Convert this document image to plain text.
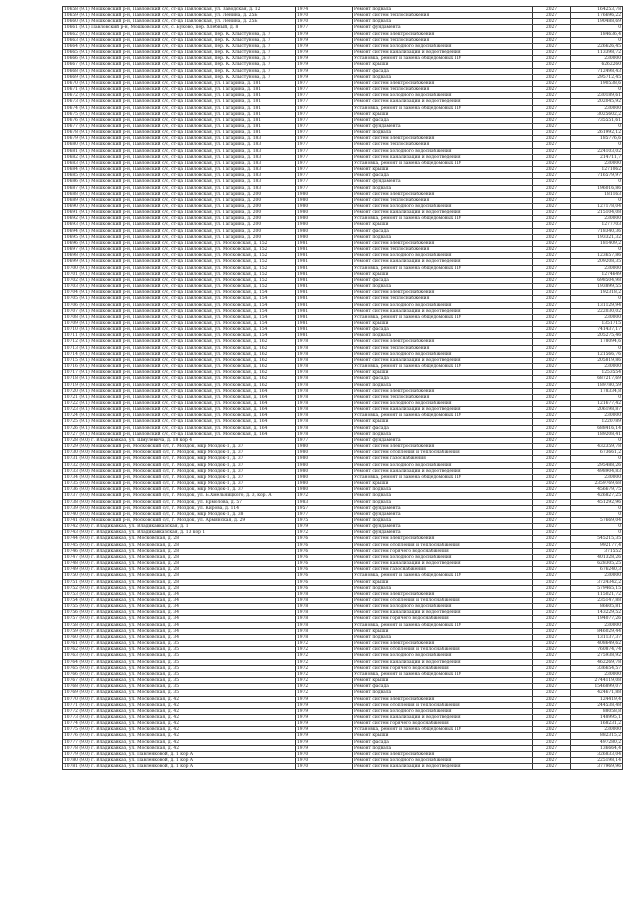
10658 (9.1) Мошковский р-н, Павловский с/с, ст-ца Павловская, ул. Заводская, д. 12	1974	Ремонт подвала	2027	164253,78
10659 (9.1) Мошковский р-н, Павловский с/с, ст-ца Павловская, ул. Ленина, д. 25Б	1970	Ремонт систем теплоснабжения	2027	176696,22
10660 (9.1) Мошковский р-н, Павловский с/с, ст-ца Павловская, ул. Ленина, д. 25Б	1970	Ремонт подвала	2027	190488,69
10661 (9.1) Павловский р-н, Мошковский с/с, с. Буково, пер. Хлебный, д. 8	1977	Ремонт фундамента	2027	0
10662 (9.1) Мошковский р-н, Павловский с/с, ст-ца Павловская, пер. К. Хлыстунова, д. 7	1979	Ремонт систем электроснабжения	2027	184636,4
10663 (9.1) Мошковский р-н, Павловский с/с, ст-ца Павловская, пер. К. Хлыстунова, д. 7	1979	Ремонт систем теплоснабжения	2027	0
10664 (9.1) Мошковский р-н, Павловский с/с, ст-ца Павловская, пер. К. Хлыстунова, д. 7	1979	Ремонт систем холодного водоснабжения	2027	226626,45
10665 (9.1) Мошковский р-н, Павловский с/с, ст-ца Павловская, пер. К. Хлыстунова, д. 7	1979	Ремонт систем канализации и водоотведения	2027	113398,72
10666 (9.1) Мошковский р-н, Павловский с/с, ст-ца Павловская, пер. К. Хлыстунова, д. 7	1979	Установка, ремонт и замена общедомовых ПУ	2027	230000
10667 (9.1) Мошковский р-н, Павловский с/с, ст-ца Павловская, пер. К. Хлыстунова, д. 7	1979	Ремонт крыши	2027	6262260
10668 (9.1) Мошковский р-н, Павловский с/с, ст-ца Павловская, пер. К. Хлыстунова, д. 7	1979	Ремонт фасада	2027	712498,43
10669 (9.1) Мошковский р-н, Павловский с/с, ст-ца Павловская, пер. К. Хлыстунова, д. 7	1979	Ремонт подвала	2027	295712,45
10670 (9.1) Мошковский р-н, Павловский с/с, ст-ца Павловская, ул. Гагарина, д. 181	1977	Ремонт систем электроснабжения	2027	190538,6
10671 (9.1) Мошковский р-н, Павловский с/с, ст-ца Павловская, ул. Гагарина, д. 181	1977	Ремонт систем теплоснабжения	2027	0
10672 (9.1) Мошковский р-н, Павловский с/с, ст-ца Павловская, ул. Гагарина, д. 181	1977	Ремонт систем холодного водоснабжения	2027	230189,61
10673 (9.1) Мошковский р-н, Павловский с/с, ст-ца Павловская, ул. Гагарина, д. 181	1977	Ремонт систем канализации и водоотведения	2027	202045,92
10674 (9.1) Мошковский р-н, Павловский с/с, ст-ца Павловская, ул. Гагарина, д. 181	1977	Установка, ремонт и замена общедомовых ПУ	2027	230000
10675 (9.1) Мошковский р-н, Павловский с/с, ст-ца Павловская, ул. Гагарина, д. 181	1977	Ремонт крыши	2027	3025602,2
10676 (9.1) Мошковский р-н, Павловский с/с, ст-ца Павловская, ул. Гагарина, д. 181	1977	Ремонт фасада	2027	735551,61
10677 (9.1) Мошковский р-н, Павловский с/с, ст-ца Павловская, ул. Гагарина, д. 181	1977	Ремонт фундамента	2027	0
10678 (9.1) Мошковский р-н, Павловский с/с, ст-ца Павловская, ул. Гагарина, д. 181	1977	Ремонт подвала	2027	261992,12
10679 (9.1) Мошковский р-н, Павловский с/с, ст-ца Павловская, ул. Гагарина, д. 183	1977	Ремонт систем электроснабжения	2027	185776,6
10680 (9.1) Мошковский р-н, Павловский с/с, ст-ца Павловская, ул. Гагарина, д. 183	1977	Ремонт систем теплоснабжения	2027	0
10681 (9.1) Мошковский р-н, Павловский с/с, ст-ца Павловская, ул. Гагарина, д. 183	1977	Ремонт систем холодного водоснабжения	2027	224103,02
10682 (9.1) Мошковский р-н, Павловский с/с, ст-ца Павловская, ул. Гагарина, д. 183	1977	Ремонт систем канализации и водоотведения	2027	214711,7
10683 (9.1) Мошковский р-н, Павловский с/с, ст-ца Павловская, ул. Гагарина, д. 183	1977	Установка, ремонт и замена общедомовых ПУ	2027	230000
10684 (9.1) Мошковский р-н, Павловский с/с, ст-ца Павловская, ул. Гагарина, д. 183	1977	Ремонт крыши	2027	1271062
10685 (9.1) Мошковский р-н, Павловский с/с, ст-ца Павловская, ул. Гагарина, д. 183	1977	Ремонт фасада	2027	716579,97
10686 (9.1) Мошковский р-н, Павловский с/с, ст-ца Павловская, ул. Гагарина, д. 183	1977	Ремонт фундамента	2027	0
10687 (9.1) Мошковский р-н, Павловский с/с, ст-ца Павловская, ул. Гагарина, д. 183	1977	Ремонт подвала	2027	196016,86
10688 (9.1) Мошковский р-н, Павловский с/с, ст-ца Павловская, ул. Гагарина, д. 200	1980	Ремонт систем электроснабжения	2027	181163
10689 (9.1) Мошковский р-н, Павловский с/с, ст-ца Павловская, ул. Гагарина, д. 200	1980	Ремонт систем теплоснабжения	2027	0
10690 (9.1) Мошковский р-н, Павловский с/с, ст-ца Павловская, ул. Гагарина, д. 200	1980	Ремонт систем холодного водоснабжения	2027	127178,04
10691 (9.1) Мошковский р-н, Павловский с/с, ст-ца Павловская, ул. Гагарина, д. 200	1980	Ремонт систем канализации и водоотведения	2027	215104,08
10692 (9.1) Мошковский р-н, Павловский с/с, ст-ца Павловская, ул. Гагарина, д. 200	1980	Установка, ремонт и замена общедомовых ПУ	2027	230000
10693 (9.1) Мошковский р-н, Павловский с/с, ст-ца Павловская, ул. Гагарина, д. 200	1980	Ремонт крыши	2027	1277703
10694 (9.1) Мошковский р-н, Павловский с/с, ст-ца Павловская, ул. Гагарина, д. 200	1980	Ремонт фасада	2027	718340,36
10695 (9.1) Мошковский р-н, Павловский с/с, ст-ца Павловская, ул. Гагарина, д. 200	1980	Ремонт подвала	2027	193321,32
10696 (9.1) Мошковский р-н, Павловский с/с, ст-ца Павловская, ул. Московская, д. 152	1981	Ремонт систем электроснабжения	2027	181409,2
10697 (9.1) Мошковский р-н, Павловский с/с, ст-ца Павловская, ул. Московская, д. 152	1981	Ремонт систем теплоснабжения	2027	0
10698 (9.1) Мошковский р-н, Павловский с/с, ст-ца Павловская, ул. Московская, д. 152	1981	Ремонт систем холодного водоснабжения	2027	123657,86
10699 (9.1) Мошковский р-н, Павловский с/с, ст-ца Павловская, ул. Московская, д. 152	1981	Ремонт систем канализации и водоотведения	2027	209208,35
10700 (9.1) Мошковский р-н, Павловский с/с, ст-ца Павловская, ул. Московская, д. 152	1981	Установка, ремонт и замена общедомовых ПУ	2027	230000
10701 (9.1) Мошковский р-н, Павловский с/с, ст-ца Павловская, ул. Московская, д. 152	1981	Ремонт крыши	2027	1274649
10702 (9.1) Мошковский р-н, Павловский с/с, ст-ца Павловская, ул. Московская, д. 152	1981	Ремонт фасада	2027	698504,98
10703 (9.1) Мошковский р-н, Павловский с/с, ст-ца Павловская, ул. Московская, д. 152	1981	Ремонт подвала	2027	193899,55
10704 (9.1) Мошковский р-н, Павловский с/с, ст-ца Павловская, ул. Московская, д. 154	1981	Ремонт систем электроснабжения	2027	192318,2
10705 (9.1) Мошковский р-н, Павловский с/с, ст-ца Павловская, ул. Московская, д. 154	1981	Ремонт систем теплоснабжения	2027	0
10706 (9.1) Мошковский р-н, Павловский с/с, ст-ца Павловская, ул. Московская, д. 154	1981	Ремонт систем холодного водоснабжения	2027	131129,94
10707 (9.1) Мошковский р-н, Павловский с/с, ст-ца Павловская, ул. Московская, д. 154	1981	Ремонт систем канализации и водоотведения	2027	222030,02
10708 (9.1) Мошковский р-н, Павловский с/с, ст-ца Павловская, ул. Московская, д. 154	1981	Установка, ремонт и замена общедомовых ПУ	2027	230000
10709 (9.1) Мошковский р-н, Павловский с/с, ст-ца Павловская, ул. Московская, д. 154	1981	Ремонт крыши	2027	1351715
10710 (9.1) Мошковский р-н, Павловский с/с, ст-ца Павловская, ул. Московская, д. 154	1981	Ремонт фасада	2027	741437,17
10711 (9.1) Мошковский р-н, Павловский с/с, ст-ца Павловская, ул. Московская, д. 154	1981	Ремонт подвала	2027	205275,46
10712 (9.1) Мошковский р-н, Павловский с/с, ст-ца Павловская, ул. Московская, д. 162	1978	Ремонт систем электроснабжения	2027	178094,6
10713 (9.1) Мошковский р-н, Павловский с/с, ст-ца Павловская, ул. Московская, д. 162	1978	Ремонт систем теплоснабжения	2027	0
10714 (9.1) Мошковский р-н, Павловский с/с, ст-ца Павловская, ул. Московская, д. 162	1978	Ремонт систем холодного водоснабжения	2027	121566,76
10715 (9.1) Мошковский р-н, Павловский с/с, ст-ца Павловская, ул. Московская, д. 162	1978	Ремонт систем канализации и водоотведения	2027	205819,86
10716 (9.1) Мошковский р-н, Павловский с/с, ст-ца Павловская, ул. Московская, д. 162	1978	Установка, ремонт и замена общедомовых ПУ	2027	230000
10717 (9.1) Мошковский р-н, Павловский с/с, ст-ца Павловская, ул. Московская, д. 162	1978	Ремонт крыши	2027	1253554
10718 (9.1) Мошковский р-н, Павловский с/с, ст-ца Павловская, ул. Московская, д. 162	1978	Ремонт фасада	2027	687217,69
10719 (9.1) Мошковский р-н, Павловский с/с, ст-ца Павловская, ул. Московская, д. 162	1978	Ремонт подвала	2027	189780,59
10720 (9.1) Мошковский р-н, Павловский с/с, ст-ца Павловская, ул. Московская, д. 164	1978	Ремонт систем электроснабжения	2027	178334,8
10721 (9.1) Мошковский р-н, Павловский с/с, ст-ца Павловская, ул. Московская, д. 164	1978	Ремонт систем теплоснабжения	2027	0
10722 (9.1) Мошковский р-н, Павловский с/с, ст-ца Павловская, ул. Московская, д. 164	1978	Ремонт систем холодного водоснабжения	2027	121677,42
10723 (9.1) Мошковский р-н, Павловский с/с, ст-ца Павловская, ул. Московская, д. 164	1978	Ремонт систем канализации и водоотведения	2027	206198,87
10724 (9.1) Мошковский р-н, Павловский с/с, ст-ца Павловская, ул. Московская, д. 164	1978	Установка, ремонт и замена общедомовых ПУ	2027	230000
10725 (9.1) Мошковский р-н, Павловский с/с, ст-ца Павловская, ул. Московская, д. 164	1978	Ремонт крыши	2027	1220789
10726 (9.1) Мошковский р-н, Павловский с/с, ст-ца Павловская, ул. Московская, д. 164	1978	Ремонт фасада	2027	688416,14
10727 (9.1) Мошковский р-н, Павловский с/с, ст-ца Павловская, ул. Московская, д. 164	1978	Ремонт подвала	2027	189208,41
10728 (9.0) г. Владикавказ, ул. Шмулевича, д. 18 кор 4	1977	Ремонт фундамента	2027	0
10729 (9.0) Мошковский р-н, Московский с/с, г. Моздок, мкр Моздок-1, д. 37	1980	Ремонт систем электроснабжения	2027	432359,78
10730 (9.0) Мошковский р-н, Московский с/с, г. Моздок, мкр Моздок-1, д. 37	1980	Ремонт систем отопления и теплоснабжения	2027	673661,2
10731 (9.0) Мошковский р-н, Московский с/с, г. Моздок, мкр Моздок-1, д. 37	1980	Ремонт систем газоснабжения	2027	0
10732 (9.0) Мошковский р-н, Московский с/с, г. Моздок, мкр Моздок-1, д. 37	1980	Ремонт систем холодного водоснабжения	2027	295488,26
10733 (9.0) Мошковский р-н, Московский с/с, г. Моздок, мкр Моздок-1, д. 37	1980	Ремонт систем канализации и водоотведения	2027	498904,83
10734 (9.0) Мошковский р-н, Московский с/с, г. Моздок, мкр Моздок-1, д. 37	1980	Установка, ремонт и замена общедомовых ПУ	2027	230000
10735 (9.0) Мошковский р-н, Московский с/с, г. Моздок, мкр Моздок-1, д. 37	1980	Ремонт крыши	2027	2359769,68
10736 (9.0) Мошковский р-н, Московский с/с, г. Моздок, мкр Моздок-1, д. 37	1980	Ремонт подвала	2027	456679,75
10737 (9.0) Мошковский р-н, Московский с/с, г. Моздок, ул. Б.Хмельницкого, д. 3, кор. А	1972	Ремонт подвала	2027	426827,25
10738 (9.0) Мошковский р-н, Московский с/с, г. Моздок, ул. Ермолова, д. 57	1983	Ремонт подвала	2027	451292,96
10739 (9.0) Мошковский р-н, Московский с/с, г. Моздок, ул. Кирова, д. 114	1957	Ремонт фундамента	2027	0
10740 (9.0) Мошковский р-н, Московский с/с, г. Моздок, мкр Моздок-1, д. 38	1977	Ремонт фундамента	2027	0
10741 (9.0) Мошковский р-н, Московский с/с, г. Моздок, ул. Армянская, д. 29	1975	Ремонт подвала	2027	57669,04
10742 (9.0) г. Владикавказ, ул. Владикавказская, д. 1	1979	Ремонт фундамента	2027	0
10743 (9.0) г. Владикавказ, ул. Владикавказская, д. 13 кор 1	1972	Ремонт фундамента	2027	0
10744 (9.0) г. Владикавказ, ул. Московская, д. 28	1976	Ремонт систем электроснабжения	2027	545215,35
10745 (9.0) г. Владикавказ, ул. Московская, д. 28	1976	Ремонт систем отопления и теплоснабжения	2027	992177,4
10746 (9.0) г. Владикавказ, ул. Московская, д. 28	1976	Ремонт систем горячего водоснабжения	2027	371552
10747 (9.0) г. Владикавказ, ул. Московская, д. 28	1976	Ремонт систем холодного водоснабжения	2027	401328,26
10748 (9.0) г. Владикавказ, ул. Московская, д. 28	1976	Ремонт систем канализации и водоотведения	2027	628305,25
10749 (9.0) г. Владикавказ, ул. Московская, д. 28	1976	Ремонт систем газоснабжения	2027	676240,3
10750 (9.0) г. Владикавказ, ул. Московская, д. 28	1976	Установка, ремонт и замена общедомовых ПУ	2027	230000
10751 (9.0) г. Владикавказ, ул. Московская, д. 28	1976	Ремонт крыши	2027	3724342,2
10752 (9.0) г. Владикавказ, ул. Московская, д. 28	1976	Ремонт подвала	2027	579465,15
10753 (9.0) г. Владикавказ, ул. Московская, д. 34	1978	Ремонт систем электроснабжения	2027	115021,72
10754 (9.0) г. Владикавказ, ул. Московская, д. 34	1978	Ремонт систем отопления и теплоснабжения	2027	235147,88
10755 (9.0) г. Владикавказ, ул. Московская, д. 34	1978	Ремонт систем холодного водоснабжения	2027	86605,81
10756 (9.0) г. Владикавказ, ул. Московская, д. 34	1978	Ремонт систем канализации и водоотведения	2027	143229,52
10757 (9.0) г. Владикавказ, ул. Московская, д. 34	1978	Ремонт систем горячего водоснабжения	2027	194077,26
10758 (9.0) г. Владикавказ, ул. Московская, д. 34	1978	Установка, ремонт и замена общедомовых ПУ	2027	230000
10759 (9.0) г. Владикавказ, ул. Московская, д. 34	1978	Ремонт крыши	2027	846029,44
10760 (9.0) г. Владикавказ, ул. Московская, д. 34	1978	Ремонт подвала	2027	131137,37
10761 (9.0) г. Владикавказ, ул. Московская, д. 35	1972	Ремонт систем электроснабжения	2027	408649,62
10762 (9.0) г. Владикавказ, ул. Московская, д. 35	1972	Ремонт систем отопления и теплоснабжения	2027	760874,74
10763 (9.0) г. Владикавказ, ул. Московская, д. 35	1972	Ремонт систем холодного водоснабжения	2027	275938,92
10764 (9.0) г. Владикавказ, ул. Московская, д. 35	1972	Ремонт систем канализации и водоотведения	2027	462269,78
10765 (9.0) г. Владикавказ, ул. Московская, д. 35	1972	Ремонт систем горячего водоснабжения	2027	336654,57
10766 (9.0) г. Владикавказ, ул. Московская, д. 35	1972	Установка, ремонт и замена общедомовых ПУ	2027	230000
10767 (9.0) г. Владикавказ, ул. Московская, д. 35	1972	Ремонт крыши	2027	2744119,08
10768 (9.0) г. Владикавказ, ул. Московская, д. 35	1972	Ремонт фасада	2027	1546899,07
10769 (9.0) г. Владикавказ, ул. Московская, д. 35	1972	Ремонт подвала	2027	424671,88
10770 (9.0) г. Владикавказ, ул. Московская, д. 42	1979	Ремонт систем электроснабжения	2027	124419,4
10771 (9.0) г. Владикавказ, ул. Московская, д. 42	1979	Ремонт систем отопления и теплоснабжения	2027	244538,48
10772 (9.0) г. Владикавказ, ул. Московская, д. 42	1979	Ремонт систем холодного водоснабжения	2027	88058,8
10773 (9.0) г. Владикавказ, ул. Московская, д. 42	1979	Ремонт систем канализации и водоотведения	2027	148995,1
10774 (9.0) г. Владикавказ, ул. Московская, д. 42	1979	Ремонт систем горячего водоснабжения	2027	168231,2
10775 (9.0) г. Владикавказ, ул. Московская, д. 42	1979	Установка, ремонт и замена общедомовых ПУ	2027	230000
10776 (9.0) г. Владикавказ, ул. Московская, д. 42	1979	Ремонт крыши	2027	882315,2
10777 (9.0) г. Владикавказ, ул. Московская, д. 42	1979	Ремонт фасада	2027	497280,2
10778 (9.0) г. Владикавказ, ул. Московская, д. 42	1979	Ремонт подвала	2027	136664,4
10779 (9.0) г. Владикавказ, ул. Павленковой, д. 1 кор А	1970	Ремонт систем электроснабжения	2027	326833,04
10780 (9.0) г. Владикавказ, ул. Павленковой, д. 1 кор А	1970	Ремонт систем холодного водоснабжения	2027	225198,14
10781 (9.0) г. Владикавказ, ул. Павленковой, д. 1 кор А	1970	Ремонт систем канализации и водоотведения	2027	377969,96
